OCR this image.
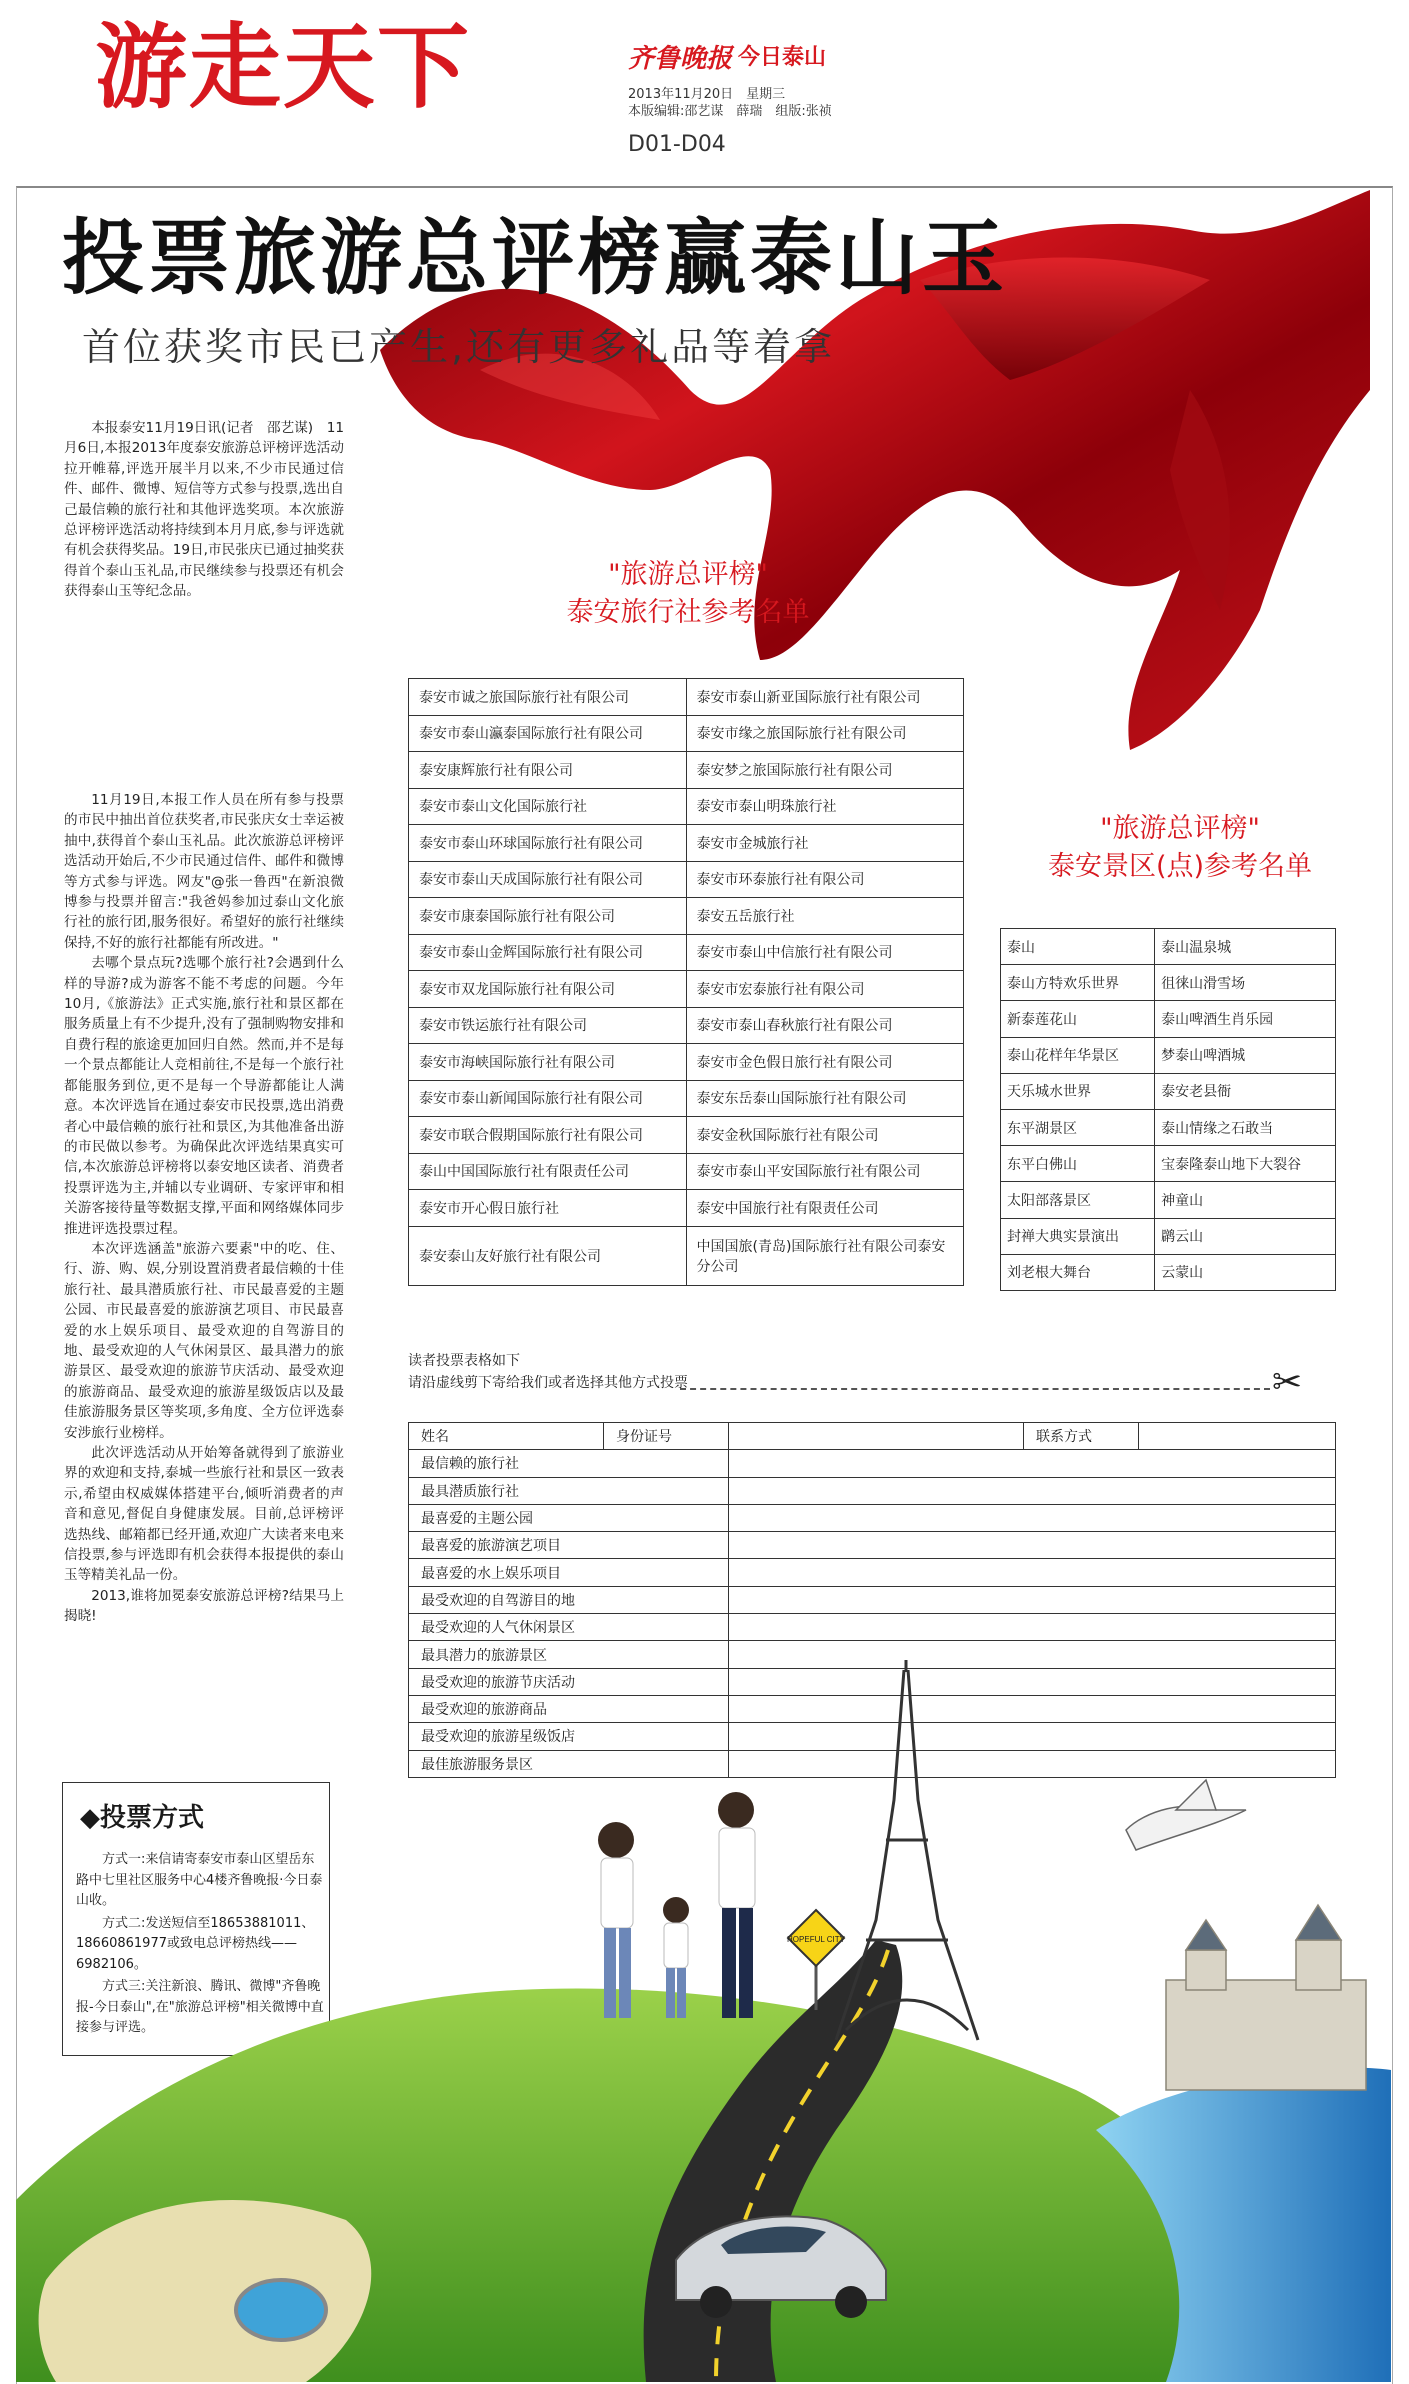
游走天下	齐鲁晚报 今日泰山
2013年11月20日　星期三
本版编辑:邵艺谋　薛瑞　组版:张祯
D01-D04
投票旅游总评榜赢泰山玉
首位获奖市民已产生,还有更多礼品等着拿

本报泰安11月19日讯(记者　邵艺谋)　11月6日,本报2013年度泰安旅游总评榜评选活动拉开帷幕,评选开展半月以来,不少市民通过信件、邮件、微博、短信等方式参与投票,选出自己最信赖的旅行社和其他评选奖项。本次旅游总评榜评选活动将持续到本月月底,参与评选就有机会获得奖品。19日,市民张庆已通过抽奖获得首个泰山玉礼品,市民继续参与投票还有机会获得泰山玉等纪念品。

11月19日,本报工作人员在所有参与投票的市民中抽出首位获奖者,市民张庆女士幸运被抽中,获得首个泰山玉礼品。此次旅游总评榜评选活动开始后,不少市民通过信件、邮件和微博等方式参与评选。网友"@张一鲁西"在新浪微博参与投票并留言:"我爸妈参加过泰山文化旅行社的旅行团,服务很好。希望好的旅行社继续保持,不好的旅行社都能有所改进。"

去哪个景点玩?选哪个旅行社?会遇到什么样的导游?成为游客不能不考虑的问题。今年10月,《旅游法》正式实施,旅行社和景区都在服务质量上有不少提升,没有了强制购物安排和自费行程的旅途更加回归自然。然而,并不是每一个景点都能让人竞相前往,不是每一个旅行社都能服务到位,更不是每一个导游都能让人满意。本次评选旨在通过泰安市民投票,选出消费者心中最信赖的旅行社和景区,为其他准备出游的市民做以参考。为确保此次评选结果真实可信,本次旅游总评榜将以泰安地区读者、消费者投票评选为主,并辅以专业调研、专家评审和相关游客接待量等数据支撑,平面和网络媒体同步推进评选投票过程。

本次评选涵盖"旅游六要素"中的吃、住、行、游、购、娱,分别设置消费者最信赖的十佳旅行社、最具潜质旅行社、市民最喜爱的主题公园、市民最喜爱的旅游演艺项目、市民最喜爱的水上娱乐项目、最受欢迎的自驾游目的地、最受欢迎的人气休闲景区、最具潜力的旅游景区、最受欢迎的旅游节庆活动、最受欢迎的旅游商品、最受欢迎的旅游星级饭店以及最佳旅游服务景区等奖项,多角度、全方位评选泰安涉旅行业榜样。

此次评选活动从开始筹备就得到了旅游业界的欢迎和支持,泰城一些旅行社和景区一致表示,希望由权威媒体搭建平台,倾听消费者的声音和意见,督促自身健康发展。目前,总评榜评选热线、邮箱都已经开通,欢迎广大读者来电来信投票,参与评选即有机会获得本报提供的泰山玉等精美礼品一份。

2013,谁将加冕泰安旅游总评榜?结果马上揭晓!

"旅游总评榜"
泰安旅行社参考名单
泰安市诚之旅国际旅行社有限公司	泰安市泰山新亚国际旅行社有限公司
泰安市泰山瀛泰国际旅行社有限公司	泰安市缘之旅国际旅行社有限公司
泰安康辉旅行社有限公司	泰安梦之旅国际旅行社有限公司
泰安市泰山文化国际旅行社	泰安市泰山明珠旅行社
泰安市泰山环球国际旅行社有限公司	泰安市金城旅行社
泰安市泰山天成国际旅行社有限公司	泰安市环泰旅行社有限公司
泰安市康泰国际旅行社有限公司	泰安五岳旅行社
泰安市泰山金辉国际旅行社有限公司	泰安市泰山中信旅行社有限公司
泰安市双龙国际旅行社有限公司	泰安市宏泰旅行社有限公司
泰安市铁运旅行社有限公司	泰安市泰山春秋旅行社有限公司
泰安市海峡国际旅行社有限公司	泰安市金色假日旅行社有限公司
泰安市泰山新闻国际旅行社有限公司	泰安东岳泰山国际旅行社有限公司
泰安市联合假期国际旅行社有限公司	泰安金秋国际旅行社有限公司
泰山中国国际旅行社有限责任公司	泰安市泰山平安国际旅行社有限公司
泰安市开心假日旅行社	泰安中国旅行社有限责任公司
泰安泰山友好旅行社有限公司	中国国旅(青岛)国际旅行社有限公司泰安分公司
"旅游总评榜"
泰安景区(点)参考名单
泰山	泰山温泉城
泰山方特欢乐世界	徂徕山滑雪场
新泰莲花山	泰山啤酒生肖乐园
泰山花样年华景区	梦泰山啤酒城
天乐城水世界	泰安老县衙
东平湖景区	泰山情缘之石敢当
东平白佛山	宝泰隆泰山地下大裂谷
太阳部落景区	神童山
封禅大典实景演出	䴙云山
刘老根大舞台	云蒙山
读者投票表格如下
请沿虚线剪下寄给我们或者选择其他方式投票	✂
姓名	身份证号		联系方式	
最信赖的旅行社				
最具潜质旅行社				
最喜爱的主题公园				
最喜爱的旅游演艺项目				
最喜爱的水上娱乐项目				
最受欢迎的自驾游目的地				
最受欢迎的人气休闲景区				
最具潜力的旅游景区				
最受欢迎的旅游节庆活动				
最受欢迎的旅游商品				
最受欢迎的旅游星级饭店				
最佳旅游服务景区				
◆投票方式

方式一:来信请寄泰安市泰山区望岳东路中七里社区服务中心4楼齐鲁晚报·今日泰山收。

方式二:发送短信至18653881011、18660861977或致电总评榜热线——6982106。

方式三:关注新浪、腾讯、微博"齐鲁晚报-今日泰山",在"旅游总评榜"相关微博中直接参与评选。

HOPEFUL CITY
